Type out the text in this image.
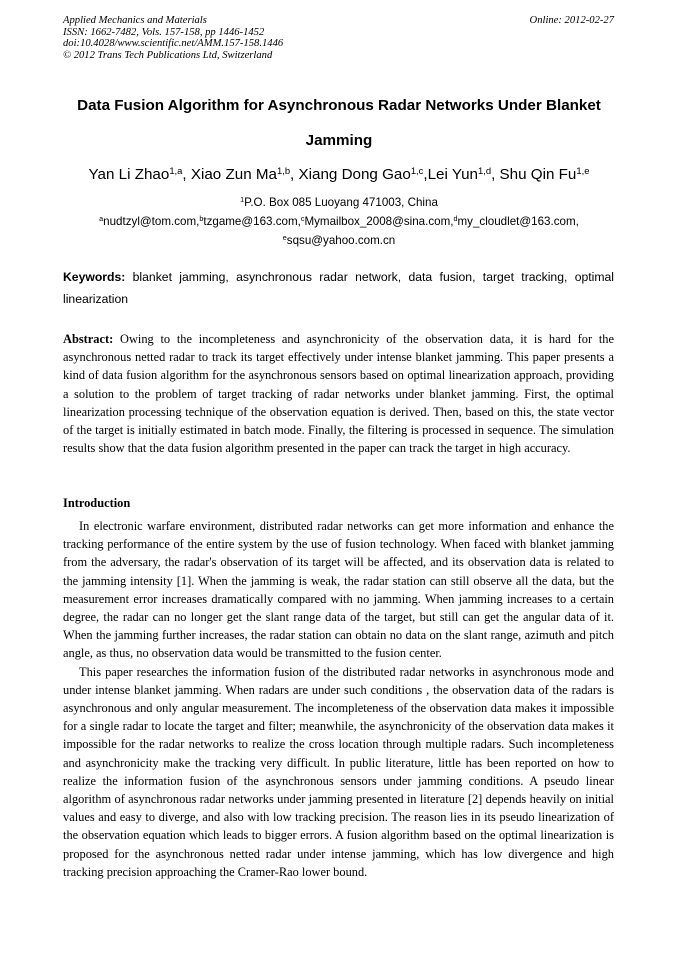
Applied Mechanics and Materials
ISSN: 1662-7482, Vols. 157-158, pp 1446-1452
doi:10.4028/www.scientific.net/AMM.157-158.1446
© 2012 Trans Tech Publications Ltd, Switzerland
Online: 2012-02-27
Data Fusion Algorithm for Asynchronous Radar Networks Under Blanket Jamming
Yan Li Zhao$^{1,a}$, Xiao Zun Ma$^{1,b}$, Xiang Dong Gao$^{1,c}$,Lei Yun$^{1,d}$, Shu Qin Fu$^{1,e}$
$^1$P.O. Box 085 Luoyang 471003, China
$^a$nudtzyl@tom.com,$^b$tzgame@163.com,$^c$Mymailbox_2008@sina.com,$^d$my_cloudlet@163.com,
$^e$sqsu@yahoo.com.cn
Keywords: blanket jamming, asynchronous radar network, data fusion, target tracking, optimal linearization
Abstract: Owing to the incompleteness and asynchronicity of the observation data, it is hard for the asynchronous netted radar to track its target effectively under intense blanket jamming. This paper presents a kind of data fusion algorithm for the asynchronous sensors based on optimal linearization approach, providing a solution to the problem of target tracking of radar networks under blanket jamming. First, the optimal linearization processing technique of the observation equation is derived. Then, based on this, the state vector of the target is initially estimated in batch mode. Finally, the filtering is processed in sequence. The simulation results show that the data fusion algorithm presented in the paper can track the target in high accuracy.
Introduction

In electronic warfare environment, distributed radar networks can get more information and enhance the tracking performance of the entire system by the use of fusion technology. When faced with blanket jamming from the adversary, the radar's observation of its target will be affected, and its observation data is related to the jamming intensity [1]. When the jamming is weak, the radar station can still observe all the data, but the measurement error increases dramatically compared with no jamming. When jamming increases to a certain degree, the radar can no longer get the slant range data of the target, but still can get the angular data of it. When the jamming further increases, the radar station can obtain no data on the slant range, azimuth and pitch angle, as thus, no observation data would be transmitted to the fusion center.

This paper researches the information fusion of the distributed radar networks in asynchronous mode and under intense blanket jamming. When radars are under such conditions , the observation data of the radars is asynchronous and only angular measurement. The incompleteness of the observation data makes it impossible for a single radar to locate the target and filter; meanwhile, the asynchronicity of the observation data makes it impossible for the radar networks to realize the cross location through multiple radars. Such incompleteness and asynchronicity make the tracking very difficult. In public literature, little has been reported on how to realize the information fusion of the asynchronous sensors under jamming conditions. A pseudo linear algorithm of asynchronous radar networks under jamming presented in literature [2] depends heavily on initial values and easy to diverge, and also with low tracking precision. The reason lies in its pseudo linearization of the observation equation which leads to bigger errors. A fusion algorithm based on the optimal linearization is proposed for the asynchronous netted radar under intense jamming, which has low divergence and high tracking precision approaching the Cramer-Rao lower bound.
